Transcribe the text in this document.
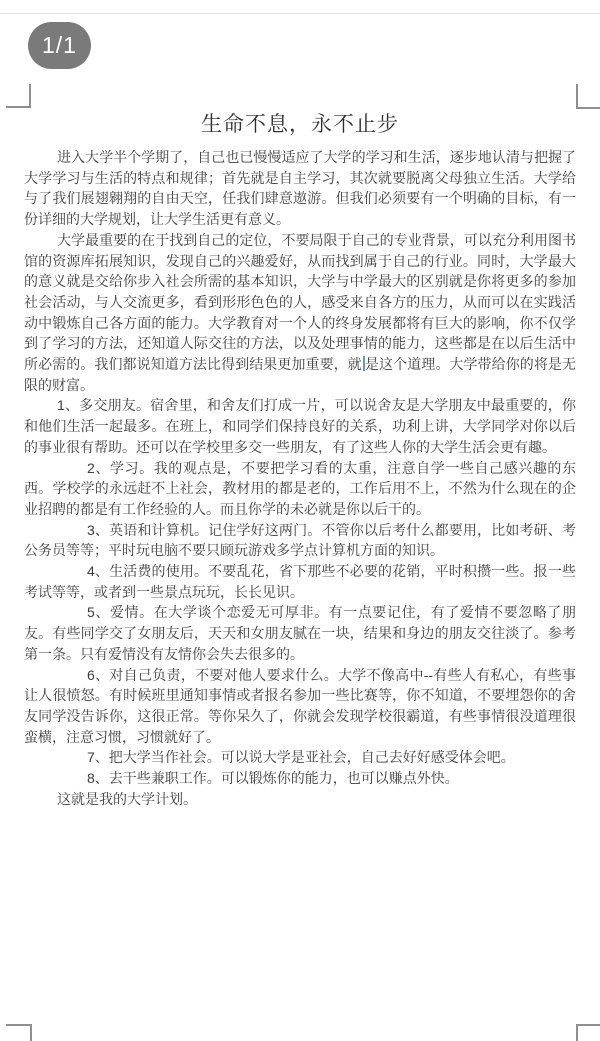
1/1
生命不息，永不止步

进入大学半个学期了，自己也已慢慢适应了大学的学习和生活，逐步地认清与把握了大学学习与生活的特点和规律；首先就是自主学习，其次就要脱离父母独立生活。大学给与了我们展翅翱翔的自由天空，任我们肆意遨游。但我们必须要有一个明确的目标，有一份详细的大学规划，让大学生活更有意义。

大学最重要的在于找到自己的定位，不要局限于自己的专业背景，可以充分利用图书馆的资源库拓展知识，发现自己的兴趣爱好，从而找到属于自己的行业。同时，大学最大的意义就是交给你步入社会所需的基本知识，大学与中学最大的区别就是你将更多的参加社会活动，与人交流更多，看到形形色色的人，感受来自各方的压力，从而可以在实践活动中锻炼自己各方面的能力。大学教育对一个人的终身发展都将有巨大的影响，你不仅学到了学习的方法，还知道人际交往的方法，以及处理事情的能力，这些都是在以后生活中所必需的。我们都说知道方法比得到结果更加重要，就 是这个道理。大学带给你的将是无限的财富。

1、多交朋友。宿舍里，和舍友们打成一片，可以说舍友是大学朋友中最重要的，你和他们生活一起最多。在班上，和同学们保持良好的关系，功利上讲，大学同学对你以后的事业很有帮助。还可以在学校里多交一些朋友，有了这些人你的大学生活会更有趣。

2、学习。我的观点是，不要把学习看的太重，注意自学一些自己感兴趣的东西。学校学的永远赶不上社会，教材用的都是老的，工作后用不上，不然为什么现在的企业招聘的都是有工作经验的人。而且你学的未必就是你以后干的。

3、英语和计算机。记住学好这两门。不管你以后考什么都要用，比如考研、考公务员等等；平时玩电脑不要只顾玩游戏多学点计算机方面的知识。

4、生活费的使用。不要乱花，省下那些不必要的花销，平时积攒一些。报一些考试等等，或者到一些景点玩玩，长长见识。

5、爱情。在大学谈个恋爱无可厚非。有一点要记住，有了爱情不要忽略了朋友。有些同学交了女朋友后，天天和女朋友腻在一块，结果和身边的朋友交往淡了。参考第一条。只有爱情没有友情你会失去很多的。

6、对自己负责，不要对他人要求什么。大学不像高中--有些人有私心，有些事让人很愤怒。有时候班里通知事情或者报名参加一些比赛等，你不知道，不要埋怨你的舍友同学没告诉你，这很正常。等你呆久了，你就会发现学校很霸道，有些事情很没道理很蛮横，注意习惯，习惯就好了。

7、把大学当作社会。可以说大学是亚社会，自己去好好感受体会吧。

8、去干些兼职工作。可以锻炼你的能力，也可以赚点外快。

这就是我的大学计划。
